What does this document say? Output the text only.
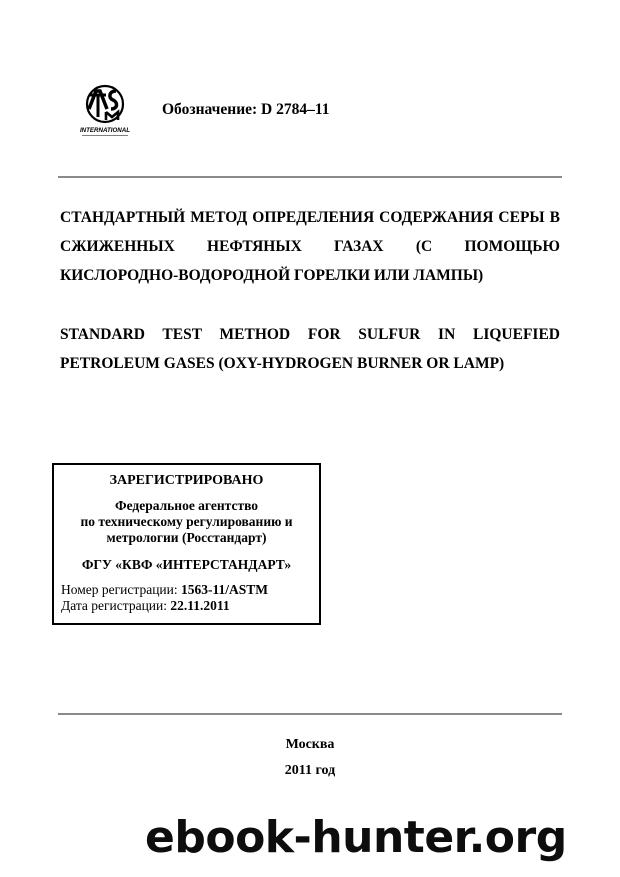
INTERNATIONAL
Обозначение: D 2784–11
СТАНДАРТНЫЙ МЕТОД ОПРЕДЕЛЕНИЯ СОДЕРЖАНИЯ СЕРЫ В СЖИЖЕННЫХ НЕФТЯНЫХ ГАЗАХ (С ПОМОЩЬЮ КИСЛОРОДНО-ВОДОРОДНОЙ ГОРЕЛКИ ИЛИ ЛАМПЫ)
STANDARD TEST METHOD FOR SULFUR IN LIQUEFIED PETROLEUM GASES (OXY-HYDROGEN BURNER OR LAMP)
ЗАРЕГИСТРИРОВАНО
Федеральное агентство
по техническому регулированию и
метрологии (Росстандарт)
ФГУ «КВФ «ИНТЕРСТАНДАРТ»
Номер регистрации: 1563-11/ASTM
Дата регистрации: 22.11.2011
Москва
2011 год
ebook-hunter.org
